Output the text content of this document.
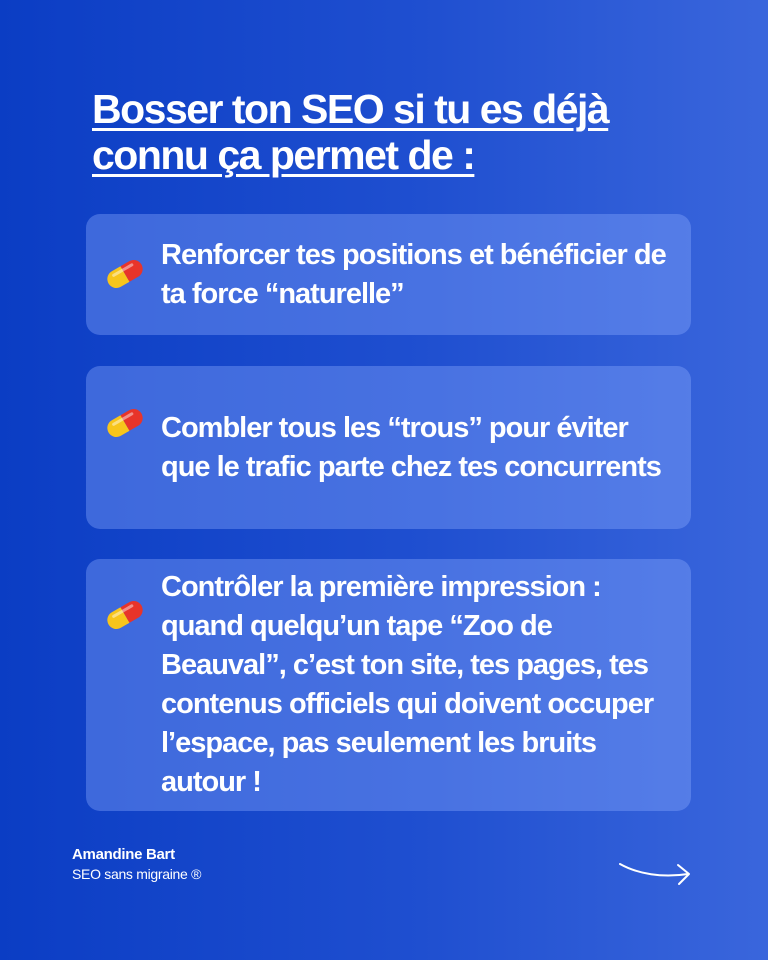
Bosser ton SEO si tu es déjà
connu ça permet de :

Renforcer tes positions et bénéficier de ta force “naturelle”

Combler tous les “trous” pour éviter que le trafic parte chez tes concurrents

Contrôler la première impression : quand quelqu’un tape “Zoo de Beauval”, c’est ton site, tes pages, tes contenus officiels qui doivent occuper l’espace, pas seulement les bruits autour !

Amandine Bart
SEO sans migraine ®
